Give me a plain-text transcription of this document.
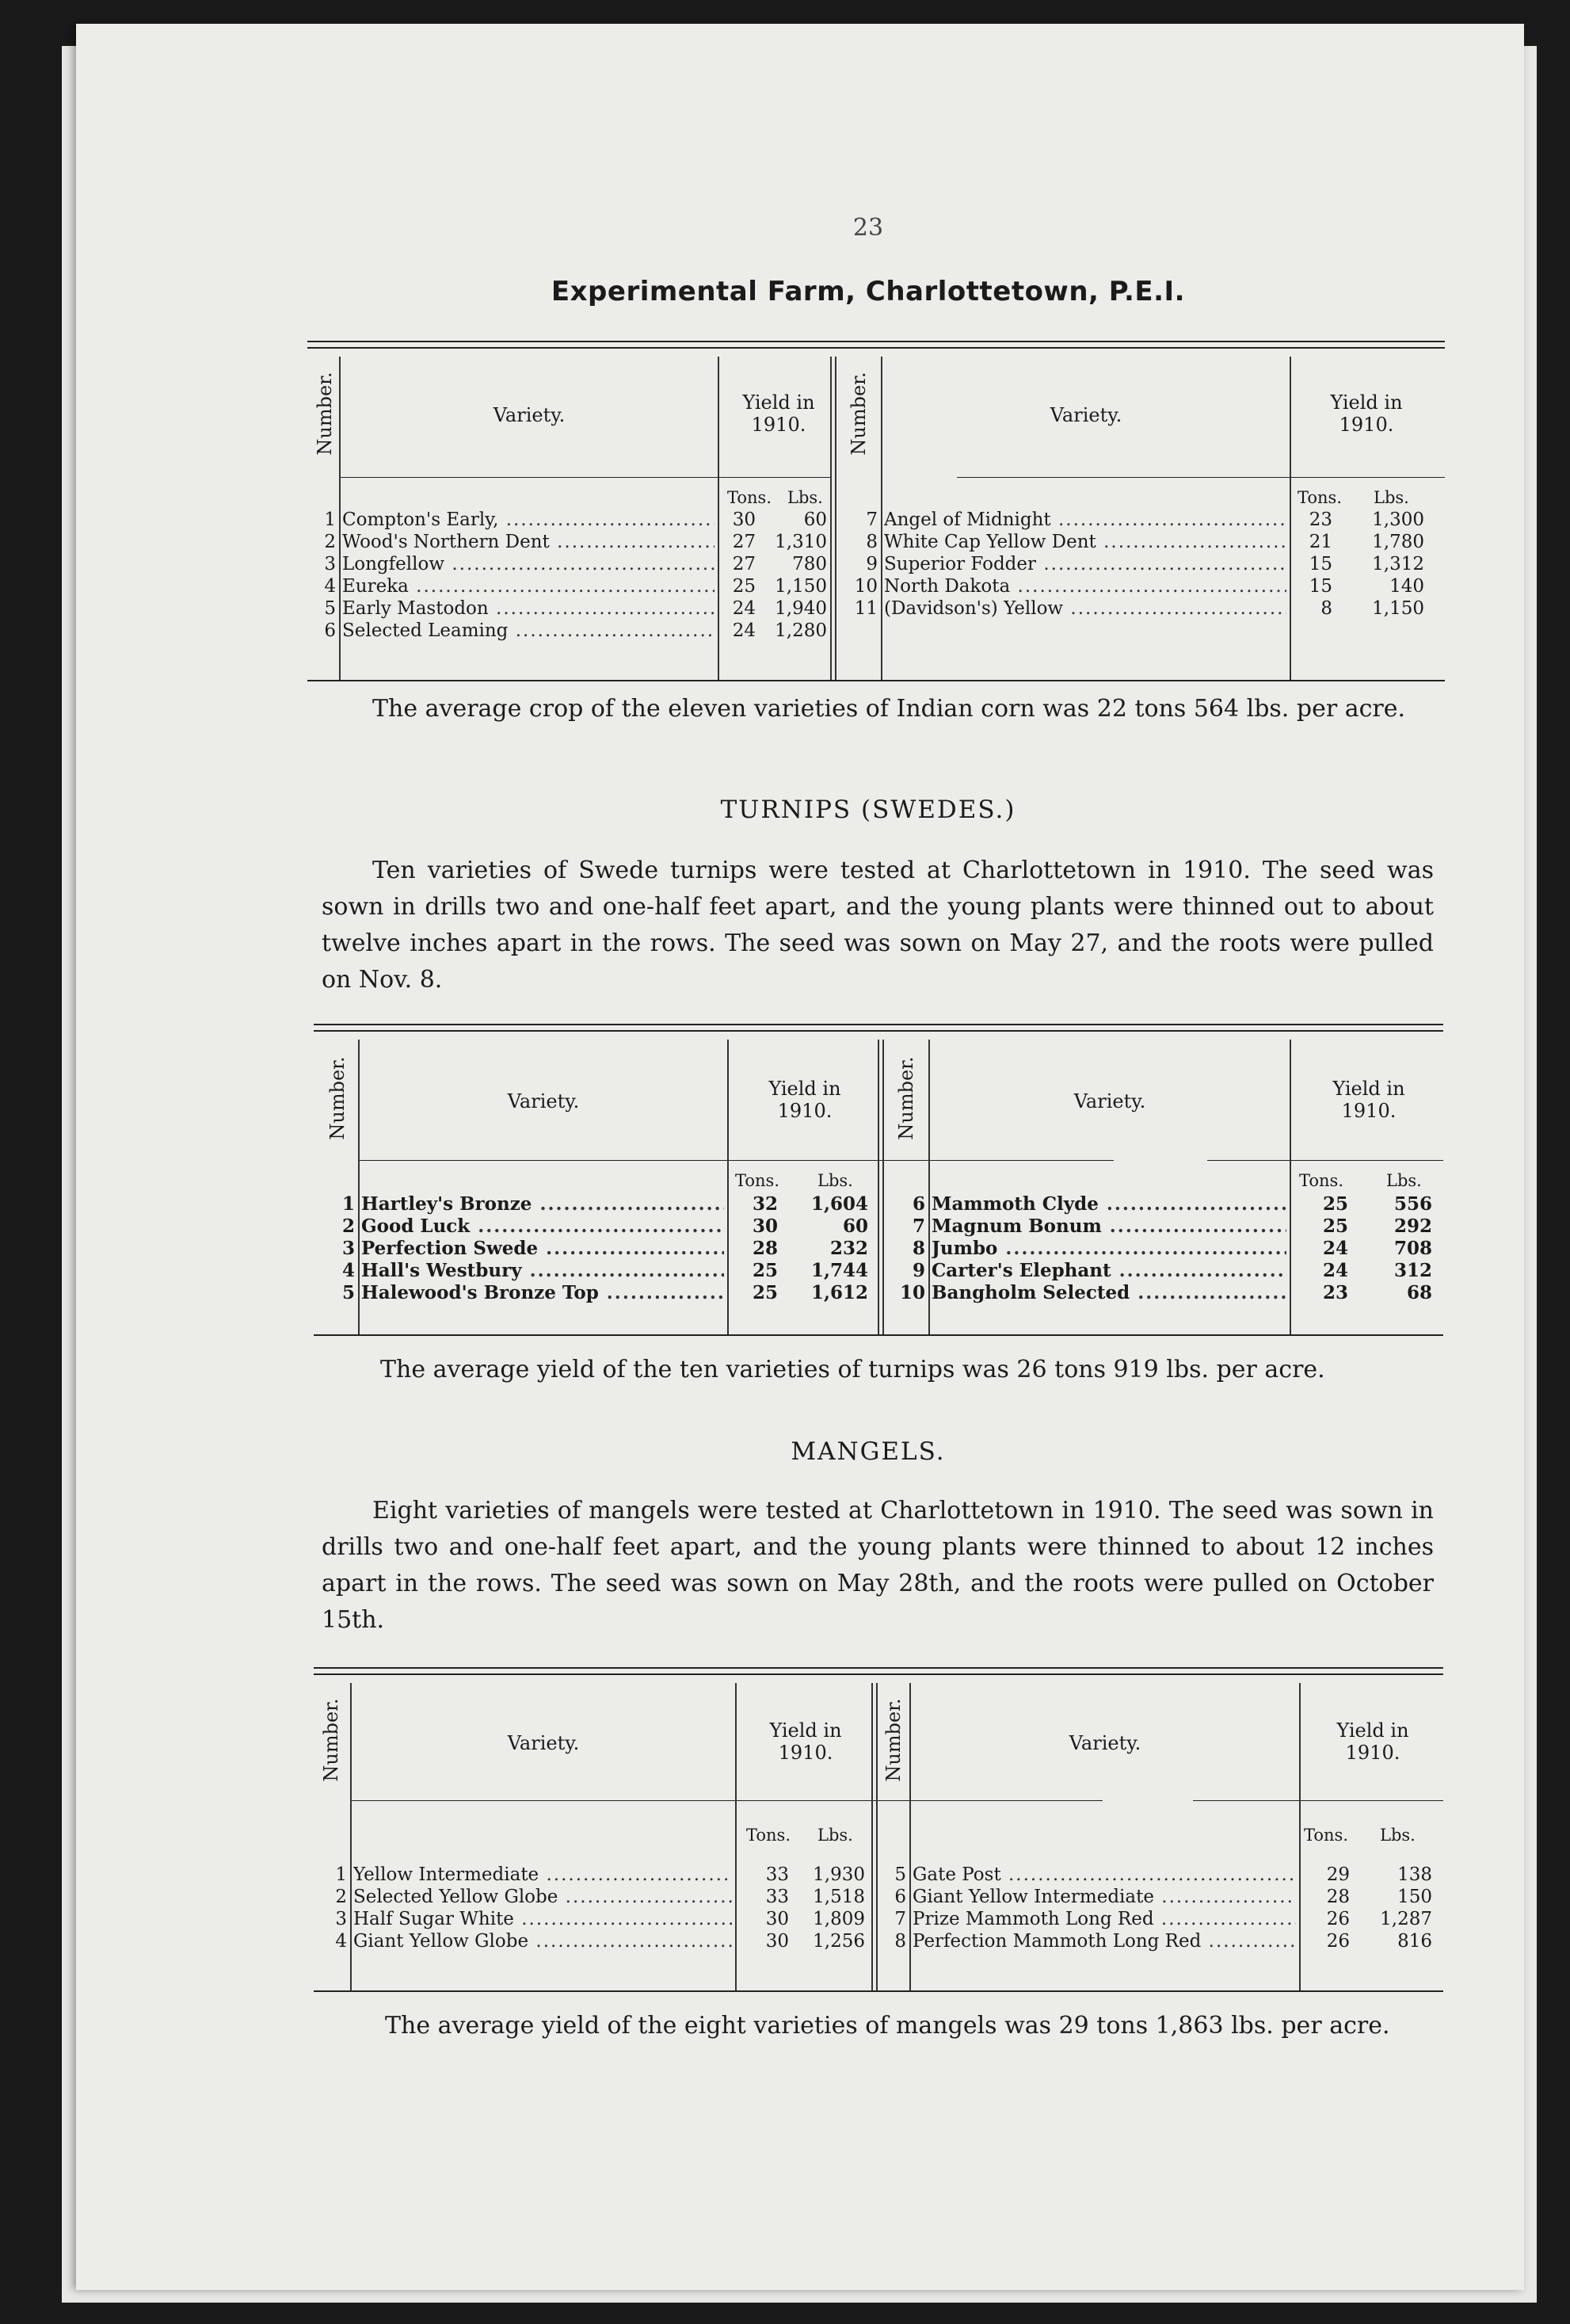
23
Experimental Farm, Charlottetown, P.E.I.
Number.	Variety.
Yield in 1910.	Number.	Variety.
Yield in 1910.
Tons. Lbs.	Tons. Lbs.
1 Compton's Early, .....	30	60
2 Wood's Northern Dent .....	27	1,310
3 Longfellow .....	27	780
4 Eureka .....	25	1,150
5 Early Mastodon .....	24	1,940
6 Selected Leaming .....	24	1,280
7 Angel of Midnight .....	23	1,300
8 White Cap Yellow Dent .....	21	1,780
9 Superior Fodder .....	15	1,312
10 North Dakota .....	15	140
11 (Davidson's) Yellow .....	8	1,150
The average crop of the eleven varieties of Indian corn was 22 tons 564 lbs. per acre.
TURNIPS (SWEDES.)
Ten varieties of Swede turnips were tested at Charlottetown in 1910. The seed was sown in drills two and one-half feet apart, and the young plants were thinned out to about twelve inches apart in the rows. The seed was sown on May 27, and the roots were pulled on Nov. 8.
Number.	Variety.
Yield in 1910.	Number.	Variety.
Yield in 1910.
Tons. Lbs.	Tons.	Lbs.
1 Hartley's Bronze .....	32	1,604
2 Good Luck .....	30	60
3 Perfection Swede .....	28	232
4 Hall's Westbury .....	25	1,744
5 Halewood's Bronze Top .....	25	1,612
6 Mammoth Clyde .....	25	556
7 Magnum Bonum .....	25	292
8 Jumbo .....	24	708
9 Carter's Elephant .....	24	312
10 Bangholm Selected .....	23	68
The average yield of the ten varieties of turnips was 26 tons 919 lbs. per acre.
MANGELS.
Eight varieties of mangels were tested at Charlottetown in 1910. The seed was sown in drills two and one-half feet apart, and the young plants were thinned to about 12 inches apart in the rows. The seed was sown on May 28th, and the roots were pulled on October 15th.
Number.	Variety.
Yield in 1910.	Number.	Variety.
Yield in 1910.
Tons. Lbs.	Tons. Lbs.
1 Yellow Intermediate .....	33	1,930
2 Selected Yellow Globe .....	33	1,518
3 Half Sugar White .....	30	1,809
4 Giant Yellow Globe .....	30	1,256
5 Gate Post .....	29	138
6 Giant Yellow Intermediate .....	28	150
7 Prize Mammoth Long Red .....	26	1,287
8 Perfection Mammoth Long Red .....	26	816
The average yield of the eight varieties of mangels was 29 tons 1,863 lbs. per acre.
